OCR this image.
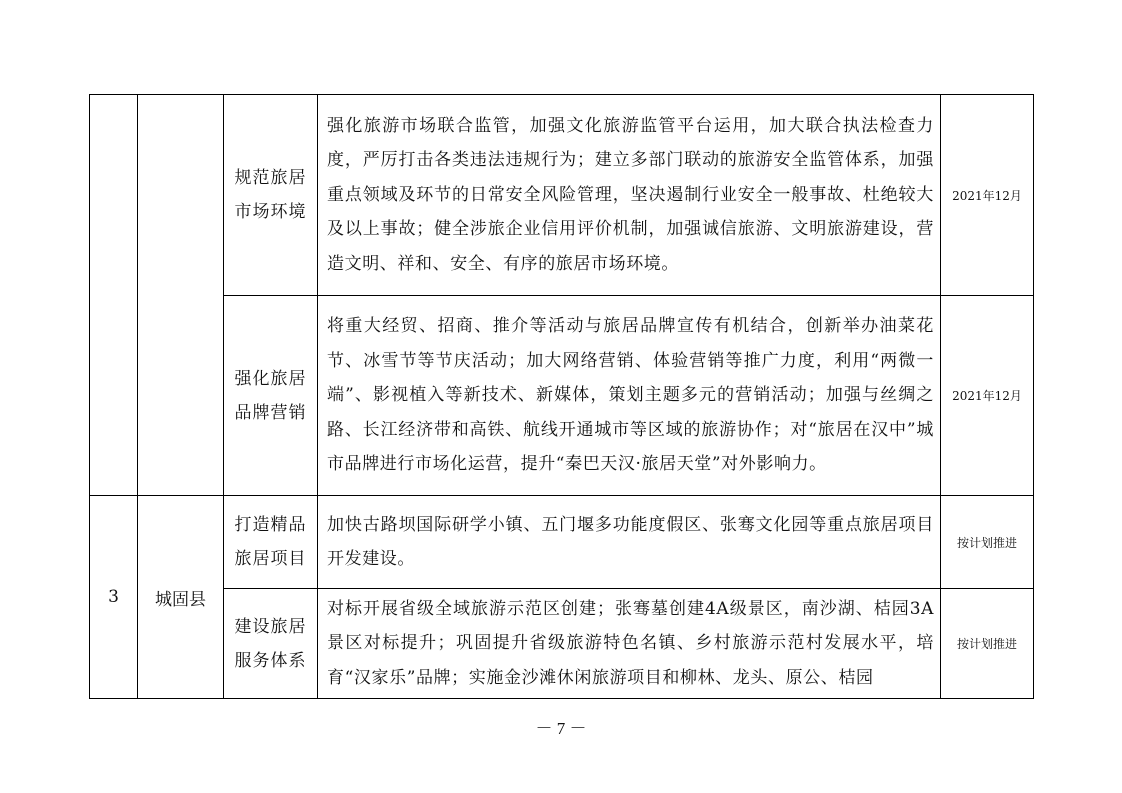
		规范旅居
市场环境	强化旅游市场联合监管，加强文化旅游监管平台运用，加大联合执法检查力度，严厉打击各类违法违规行为；建立多部门联动的旅游安全监管体系，加强重点领域及环节的日常安全风险管理，坚决遏制行业安全一般事故、杜绝较大及以上事故；健全涉旅企业信用评价机制，加强诚信旅游、文明旅游建设，营造文明、祥和、安全、有序的旅居市场环境。	2021年12月

		强化旅居
品牌营销	将重大经贸、招商、推介等活动与旅居品牌宣传有机结合，创新举办油菜花节、冰雪节等节庆活动；加大网络营销、体验营销等推广力度，利用“两微一端”、影视植入等新技术、新媒体，策划主题多元的营销活动；加强与丝绸之路、长江经济带和高铁、航线开通城市等区域的旅游协作；对“旅居在汉中”城市品牌进行市场化运营，提升“秦巴天汉·旅居天堂”对外影响力。	2021年12月
3	城固县	打造精品
旅居项目	加快古路坝国际研学小镇、五门堰多功能度假区、张骞文化园等重点旅居项目开发建设。	按计划推进

		建设旅居
服务体系	对标开展省级全域旅游示范区创建；张骞墓创建4A级景区，南沙湖、桔园3A景区对标提升；巩固提升省级旅游特色名镇、乡村旅游示范村发展水平，培育“汉家乐”品牌；实施金沙滩休闲旅游项目和柳林、龙头、原公、桔园	按计划推进
－ 7 －
